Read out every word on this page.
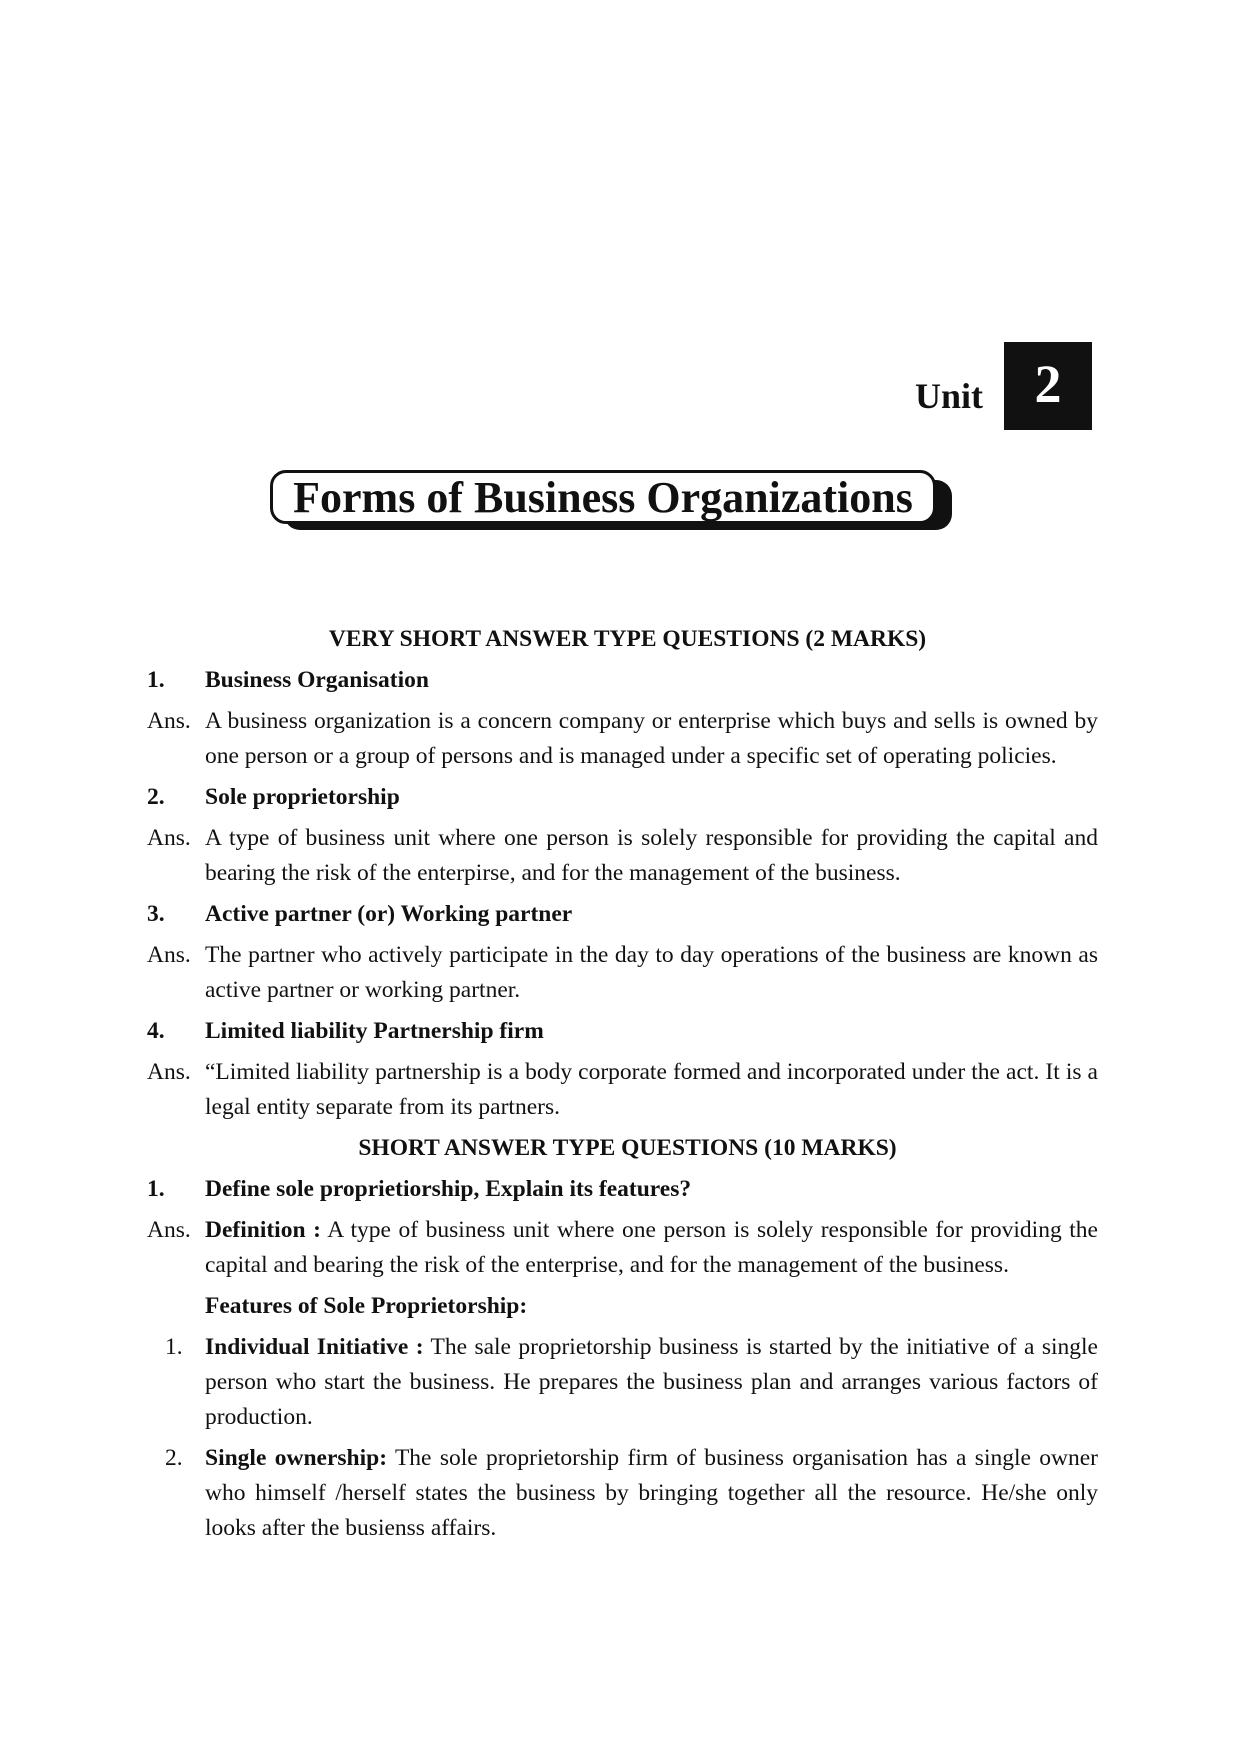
Unit 2
Forms of Business Organizations
VERY SHORT ANSWER TYPE QUESTIONS (2 MARKS)
1.	Business Organisation
Ans. A business organization is a concern company or enterprise which buys and sells is owned by one person or a group of persons and is managed under a specific set of operating policies.
2.	Sole proprietorship
Ans. A type of business unit where one person is solely responsible for providing the capital and bearing the risk of the enterpirse, and for the management of the business.
3.	Active partner (or) Working partner
Ans. The partner who actively participate in the day to day operations of the business are known as active partner or working partner.
4.	Limited liability Partnership firm
Ans. “Limited liability partnership is a body corporate formed and incorporated under the act. It is a legal entity separate from its partners.
SHORT ANSWER TYPE QUESTIONS (10 MARKS)
1.	Define sole proprietiorship, Explain its features?
Ans. Definition : A type of business unit where one person is solely responsible for providing the capital and bearing the risk of the enterprise, and for the management of the business.
Features of Sole Proprietorship:
1. Individual Initiative : The sale proprietorship business is started by the initiative of a single person who start the business. He prepares the business plan and arranges various factors of production.
2. Single ownership: The sole proprietorship firm of business organisation has a single owner who himself /herself states the business by bringing together all the resource. He/she only looks after the busienss affairs.
